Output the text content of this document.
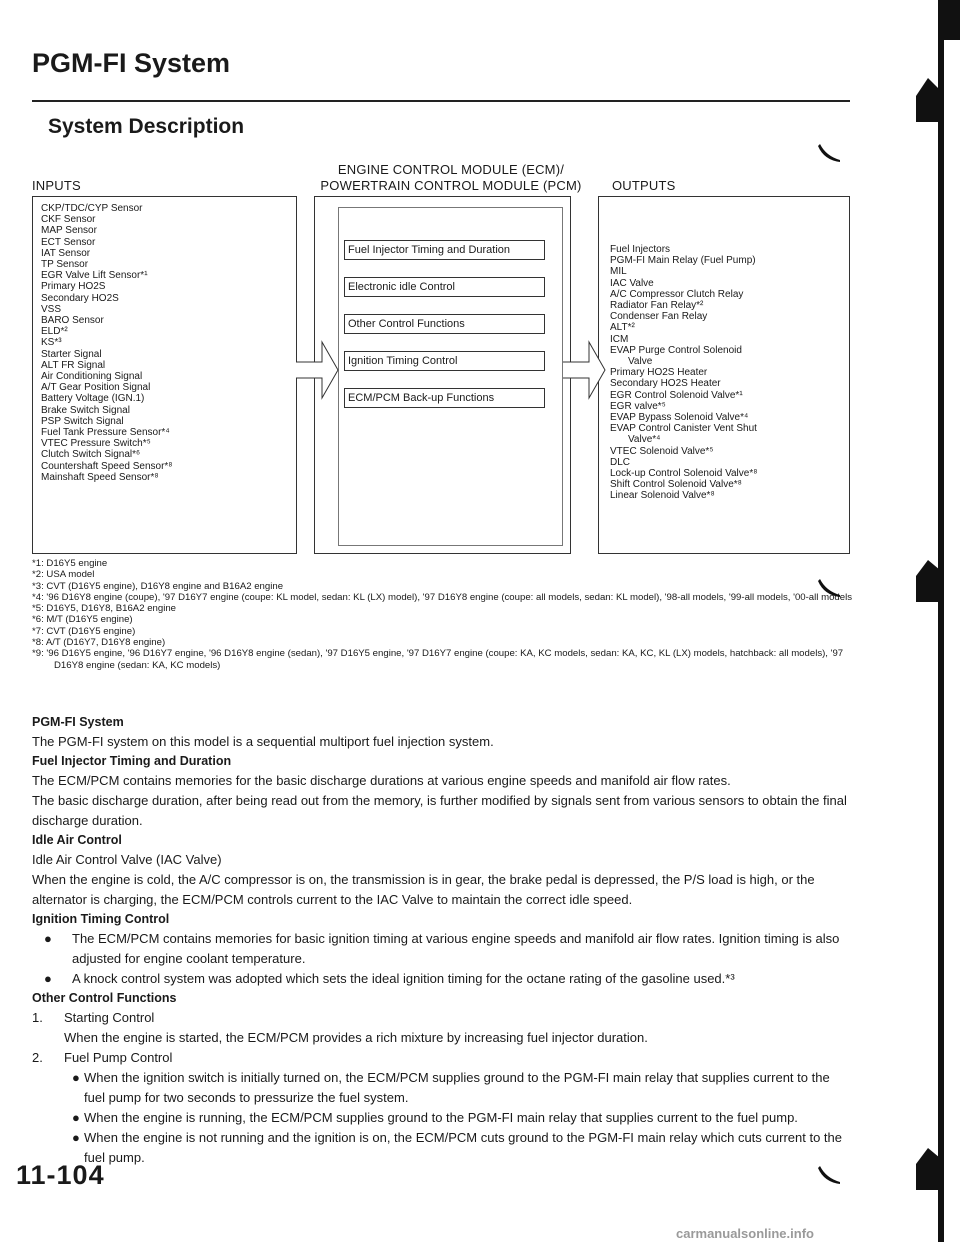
PGM-FI System
System Description
INPUTS
ENGINE CONTROL MODULE (ECM)/
POWERTRAIN CONTROL MODULE (PCM)	OUTPUTS
CKP/TDC/CYP Sensor
CKF Sensor
MAP Sensor
ECT Sensor
IAT Sensor
TP Sensor
EGR Valve Lift Sensor*¹
Primary HO2S
Secondary HO2S
VSS
BARO Sensor
ELD*²
KS*³
Starter Signal
ALT FR Signal
Air Conditioning Signal
A/T Gear Position Signal
Battery Voltage (IGN.1)
Brake Switch Signal
PSP Switch Signal
Fuel Tank Pressure Sensor*⁴
VTEC Pressure Switch*⁵
Clutch Switch Signal*⁶
Countershaft Speed Sensor*⁸
Mainshaft Speed Sensor*⁸
Fuel Injector Timing and Duration
Electronic idle Control
Other Control Functions
Ignition Timing Control
ECM/PCM Back-up Functions
Fuel Injectors
PGM-FI Main Relay (Fuel Pump)
MIL
IAC Valve
A/C Compressor Clutch Relay
Radiator Fan Relay*²
Condenser Fan Relay
ALT*²
ICM
EVAP Purge Control Solenoid
Valve
Primary HO2S Heater
Secondary HO2S Heater
EGR Control Solenoid Valve*¹
EGR valve*⁵
EVAP Bypass Solenoid Valve*⁴
EVAP Control Canister Vent Shut
Valve*⁴
VTEC Solenoid Valve*⁵
DLC
Lock-up Control Solenoid Valve*⁸
Shift Control Solenoid Valve*⁸
Linear Solenoid Valve*⁸
*1: D16Y5 engine
*2: USA model
*3: CVT (D16Y5 engine), D16Y8 engine and B16A2 engine
*4: '96 D16Y8 engine (coupe), '97 D16Y7 engine (coupe: KL model, sedan: KL (LX) model), '97 D16Y8 engine (coupe: all models, sedan: KL model), '98-all models, '99-all models, '00-all models
*5: D16Y5, D16Y8, B16A2 engine
*6: M/T (D16Y5 engine)
*7: CVT (D16Y5 engine)
*8: A/T (D16Y7, D16Y8 engine)
*9: '96 D16Y5 engine, '96 D16Y7 engine, '96 D16Y8 engine (sedan), '97 D16Y5 engine, '97 D16Y7 engine (coupe: KA, KC models, sedan: KA, KC, KL (LX) models, hatchback: all models), '97 D16Y8 engine (sedan: KA, KC models)
PGM-FI System

The PGM-FI system on this model is a sequential multiport fuel injection system.

Fuel Injector Timing and Duration

The ECM/PCM contains memories for the basic discharge durations at various engine speeds and manifold air flow rates.

The basic discharge duration, after being read out from the memory, is further modified by signals sent from various sensors to obtain the final discharge duration.

Idle Air Control

Idle Air Control Valve (IAC Valve)

When the engine is cold, the A/C compressor is on, the transmission is in gear, the brake pedal is depressed, the P/S load is high, or the alternator is charging, the ECM/PCM controls current to the IAC Valve to maintain the correct idle speed.

Ignition Timing Control

● The ECM/PCM contains memories for basic ignition timing at various engine speeds and manifold air flow rates. Ignition timing is also adjusted for engine coolant temperature.

● A knock control system was adopted which sets the ideal ignition timing for the octane rating of the gasoline used.*³

Other Control Functions

1. Starting Control

When the engine is started, the ECM/PCM provides a rich mixture by increasing fuel injector duration.

2. Fuel Pump Control

● When the ignition switch is initially turned on, the ECM/PCM supplies ground to the PGM-FI main relay that supplies current to the fuel pump for two seconds to pressurize the fuel system.

● When the engine is running, the ECM/PCM supplies ground to the PGM-FI main relay that supplies current to the fuel pump.

● When the engine is not running and the ignition is on, the ECM/PCM cuts ground to the PGM-FI main relay which cuts current to the fuel pump.

11-104
carmanualsonline.info
